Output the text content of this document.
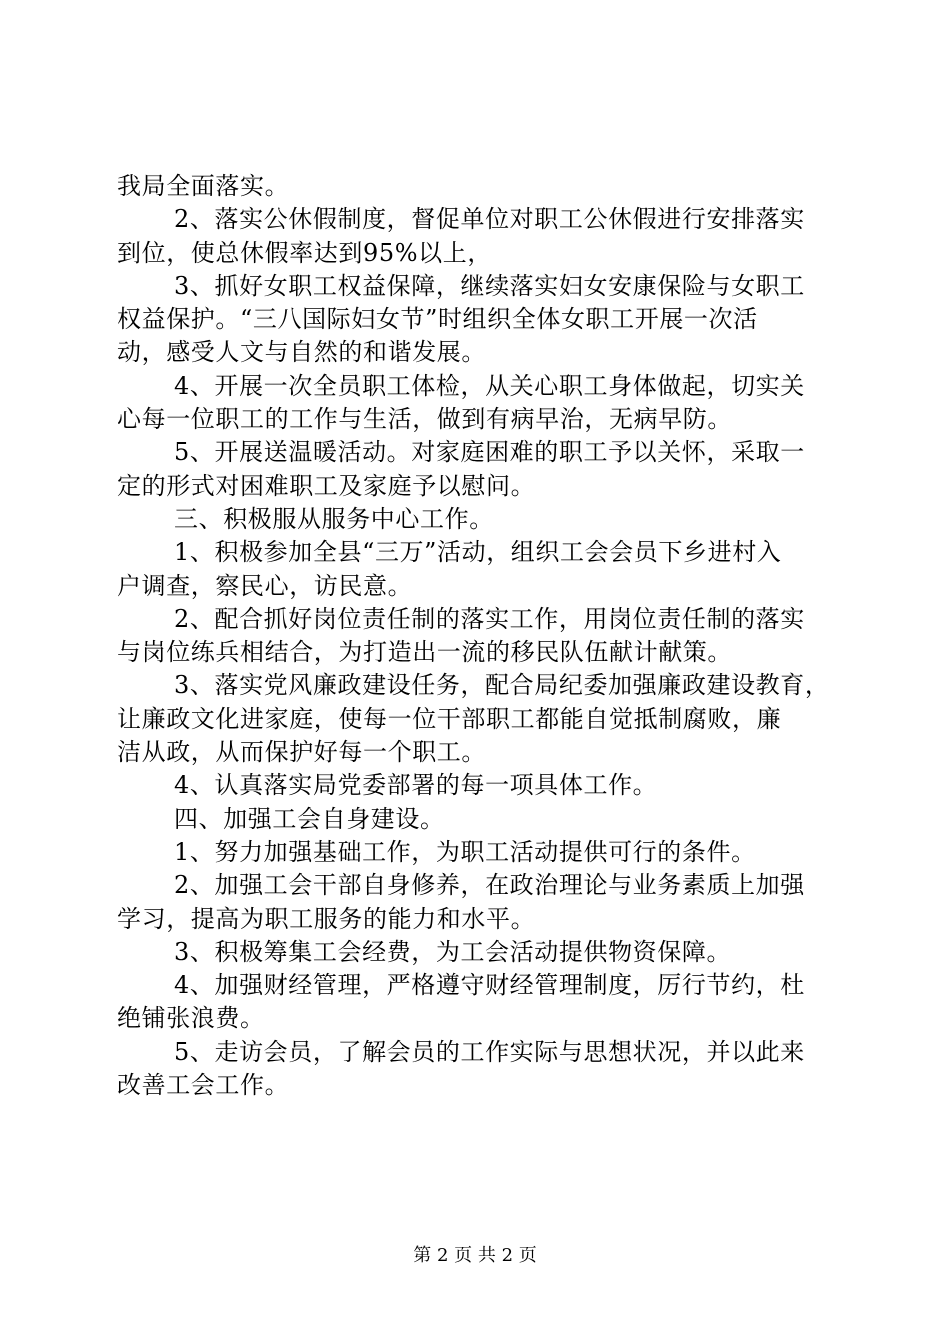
我局全面落实。
2、落实公休假制度，督促单位对职工公休假进行安排落实
到位，使总休假率达到95%以上，
3、抓好女职工权益保障，继续落实妇女安康保险与女职工
权益保护。“三八国际妇女节”时组织全体女职工开展一次活
动，感受人文与自然的和谐发展。
4、开展一次全员职工体检，从关心职工身体做起，切实关
心每一位职工的工作与生活，做到有病早治，无病早防。
5、开展送温暖活动。对家庭困难的职工予以关怀，采取一
定的形式对困难职工及家庭予以慰问。
三、积极服从服务中心工作。
1、积极参加全县“三万”活动，组织工会会员下乡进村入
户调查，察民心，访民意。
2、配合抓好岗位责任制的落实工作，用岗位责任制的落实
与岗位练兵相结合，为打造出一流的移民队伍献计献策。
3、落实党风廉政建设任务，配合局纪委加强廉政建设教育，
让廉政文化进家庭，使每一位干部职工都能自觉抵制腐败，廉
洁从政，从而保护好每一个职工。
4、认真落实局党委部署的每一项具体工作。
四、加强工会自身建设。
1、努力加强基础工作，为职工活动提供可行的条件。
2、加强工会干部自身修养，在政治理论与业务素质上加强
学习，提高为职工服务的能力和水平。
3、积极筹集工会经费，为工会活动提供物资保障。
4、加强财经管理，严格遵守财经管理制度，厉行节约，杜
绝铺张浪费。
5、走访会员，了解会员的工作实际与思想状况，并以此来
改善工会工作。
第 2 页 共 2 页
